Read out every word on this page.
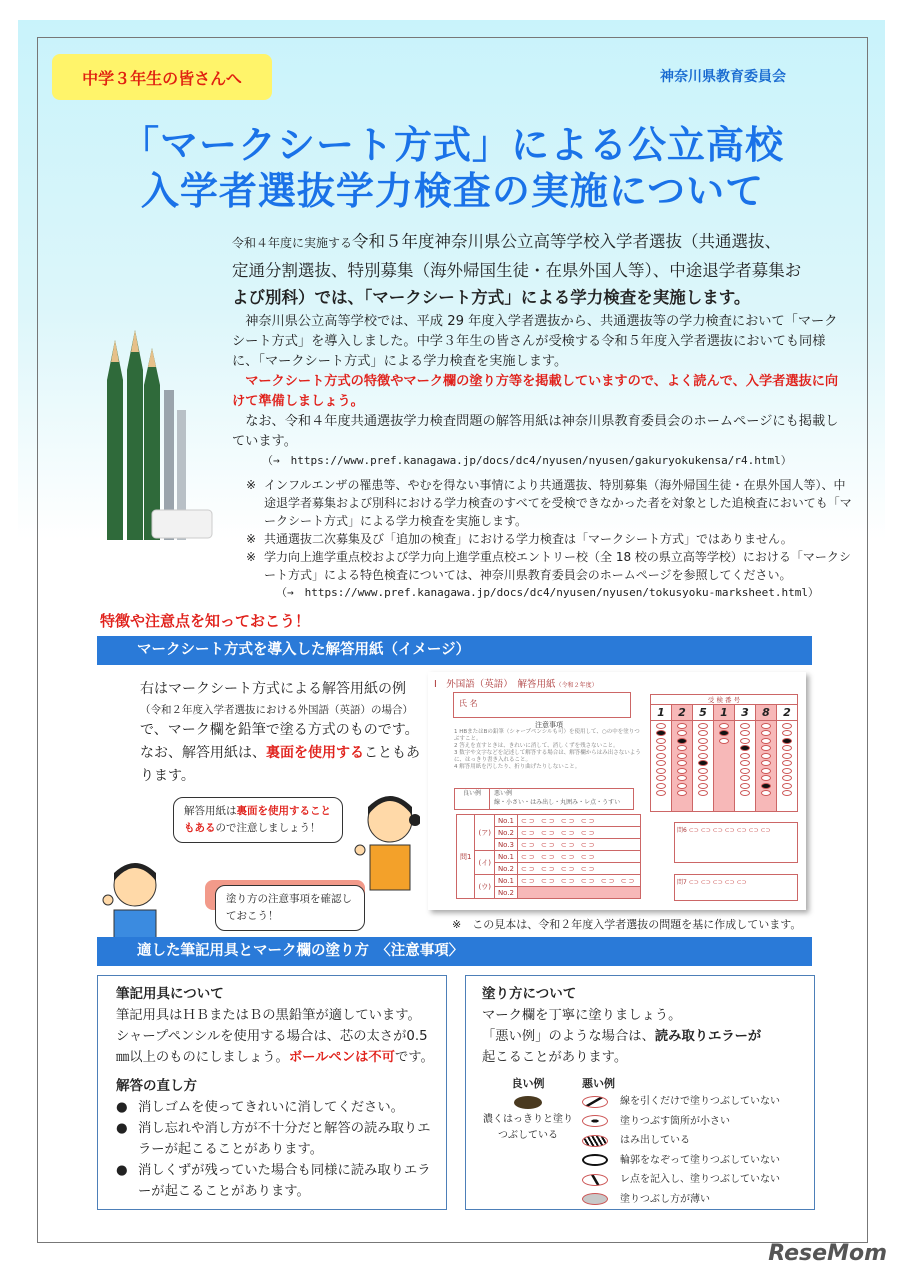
中学３年生の皆さんへ	神奈川県教育委員会
「マークシート方式」による公立高校
入学者選抜学力検査の実施について
令和４年度に実施する令和５年度神奈川県公立高等学校入学者選抜（共通選抜、
定通分割選抜、特別募集（海外帰国生徒・在県外国人等）、中途退学者募集お
よび別科）では、「マークシート方式」による学力検査を実施します。
神奈川県公立高等学校では、平成 29 年度入学者選抜から、共通選抜等の学力検査において「マークシート方式」を導入しました。中学３年生の皆さんが受検する令和５年度入学者選抜においても同様に、「マークシート方式」による学力検査を実施します。
マークシート方式の特徴やマーク欄の塗り方等を掲載していますので、よく読んで、入学者選抜に向けて準備しましょう。
なお、令和４年度共通選抜学力検査問題の解答用紙は神奈川県教育委員会のホームページにも掲載しています。
（→　https://www.pref.kanagawa.jp/docs/dc4/nyusen/nyusen/gakuryokukensa/r4.html）
※ インフルエンザの罹患等、やむを得ない事情により共通選抜、特別募集（海外帰国生徒・在県外国人等）、中途退学者募集および別科における学力検査のすべてを受検できなかった者を対象とした追検査においても「マークシート方式」による学力検査を実施します。
※ 共通選抜二次募集及び「追加の検査」における学力検査は「マークシート方式」ではありません。
※ 学力向上進学重点校および学力向上進学重点校エントリー校（全 18 校の県立高等学校）における「マークシート方式」による特色検査については、神奈川県教育委員会のホームページを参照してください。
（→　https://www.pref.kanagawa.jp/docs/dc4/nyusen/nyusen/tokusyoku-marksheet.html）
特徴や注意点を知っておこう！
マークシート方式を導入した解答用紙（イメージ）
右はマークシート方式による解答用紙の例
（令和２年度入学者選抜における外国語（英語）の場合）
で、マーク欄を鉛筆で塗る方式のものです。
なお、解答用紙は、裏面を使用することもあります。
解答用紙は裏面を使用することもあるので注意しましょう！
塗り方の注意事項を確認しておこう！
Ⅰ　外国語（英語）　解答用紙（令和２年度）
氏 名
注意事項
1 HBまたはBの鉛筆（シャープペンシルも可）を使用して、○の中を塗りつぶすこと。
2 答えを直すときは、きれいに消して、消しくずを残さないこと。
3 数字や文字などを記述して解答する場合は、解答欄からはみ出さないように、はっきり書き入れること。
4 解答用紙を汚したり、折り曲げたりしないこと。
良い例	悪い例
線・小さい・はみ出し・丸囲み・レ点・うすい
受 検 番 号
1	2	5	1	3	8	2
問1	(ア)	No.1	⊂⊃ ⊂⊃ ⊂⊃ ⊂⊃
		No.2	⊂⊃ ⊂⊃ ⊂⊃ ⊂⊃
		No.3	⊂⊃ ⊂⊃ ⊂⊃ ⊂⊃
	(イ)	No.1	⊂⊃ ⊂⊃ ⊂⊃ ⊂⊃
		No.2	⊂⊃ ⊂⊃ ⊂⊃ ⊂⊃
	(ウ)	No.1	⊂⊃ ⊂⊃ ⊂⊃ ⊂⊃ ⊂⊃ ⊂⊃
		No.2	
問6 ⊂⊃ ⊂⊃ ⊂⊃ ⊂⊃ ⊂⊃ ⊂⊃ ⊂⊃
問7 ⊂⊃ ⊂⊃ ⊂⊃ ⊂⊃ ⊂⊃
※　この見本は、令和２年度入学者選抜の問題を基に作成しています。
適した筆記用具とマーク欄の塗り方　〈注意事項〉
筆記用具について
筆記用具はＨＢまたはＢの黒鉛筆が適しています。
シャープペンシルを使用する場合は、芯の太さが0.5㎜以上のものにしましょう。ボールペンは不可です。
解答の直し方
● 消しゴムを使ってきれいに消してください。
● 消し忘れや消し方が不十分だと解答の読み取りエラーが起こることがあります。
● 消しくずが残っていた場合も同様に読み取りエラーが起こることがあります。
塗り方について
マーク欄を丁寧に塗りましょう。
「悪い例」のような場合は、読み取りエラーが
起こることがあります。
良い例
濃くはっきりと塗りつぶしている
悪い例
線を引くだけで塗りつぶしていない
塗りつぶす箇所が小さい
はみ出している
輪郭をなぞって塗りつぶしていない
レ点を記入し、塗りつぶしていない
塗りつぶし方が薄い
ReseMom
